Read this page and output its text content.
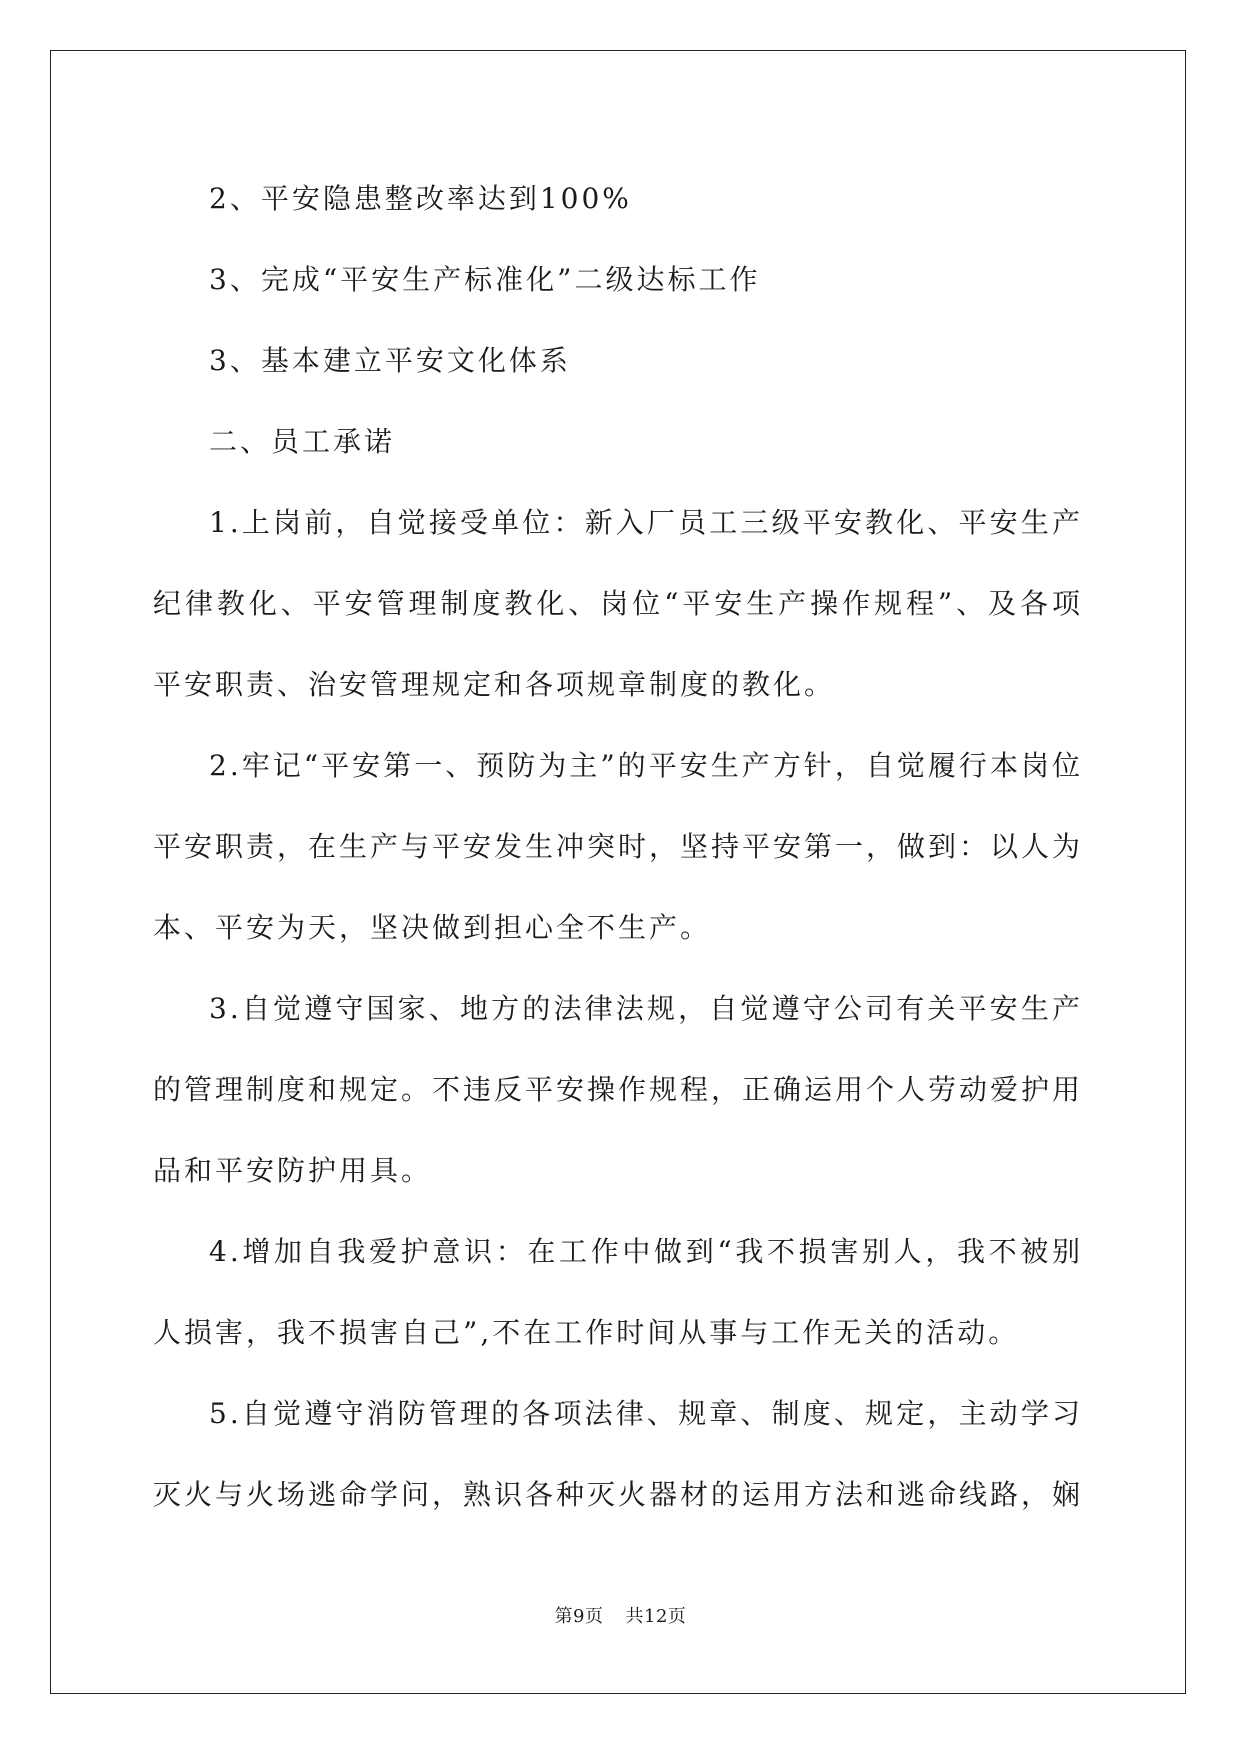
2、平安隐患整改率达到100%

3、完成“平安生产标准化”二级达标工作

3、基本建立平安文化体系

二、员工承诺

1.上岗前，自觉接受单位：新入厂员工三级平安教化、平安生产纪律教化、平安管理制度教化、岗位“平安生产操作规程”、及各项平安职责、治安管理规定和各项规章制度的教化。

2.牢记“平安第一、预防为主”的平安生产方针，自觉履行本岗位平安职责，在生产与平安发生冲突时，坚持平安第一，做到：以人为本、平安为天，坚决做到担心全不生产。

3.自觉遵守国家、地方的法律法规，自觉遵守公司有关平安生产的管理制度和规定。不违反平安操作规程，正确运用个人劳动爱护用品和平安防护用具。

4.增加自我爱护意识：在工作中做到“我不损害别人，我不被别人损害，我不损害自己”,不在工作时间从事与工作无关的活动。

5.自觉遵守消防管理的各项法律、规章、制度、规定，主动学习灭火与火场逃命学问，熟识各种灭火器材的运用方法和逃命线路，娴

第9页 共12页
